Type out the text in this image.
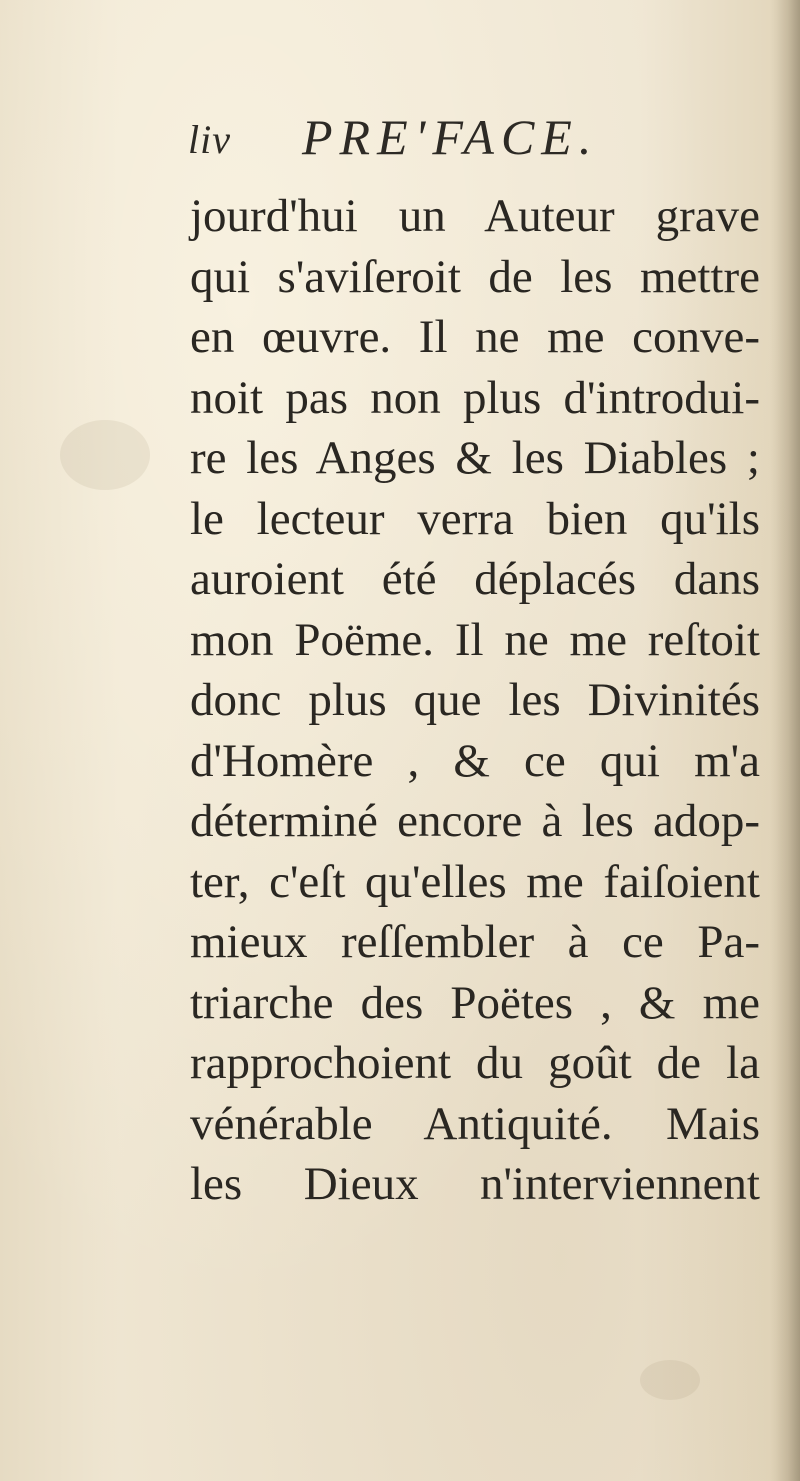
liv PRE'FACE.
jourd'hui un Auteur grave
qui s'aviſeroit de les mettre
en œuvre. Il ne me conve-
noit pas non plus d'introdui-
re les Anges & les Diables ;
le lecteur verra bien qu'ils
auroient été déplacés dans
mon Poëme. Il ne me reſtoit
donc plus que les Divinités
d'Homère , & ce qui m'a
déterminé encore à les adop-
ter, c'eſt qu'elles me faiſoient
mieux reſſembler à ce Pa-
triarche des Poëtes , & me
rapprochoient du goût de la
vénérable Antiquité. Mais
les Dieux n'interviennent
